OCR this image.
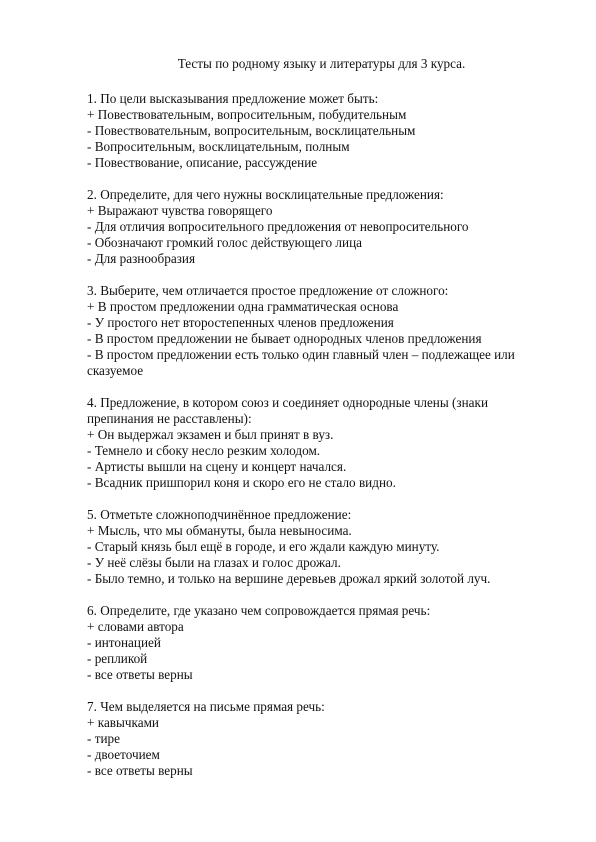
Тесты по родному языку и литературы для 3 курса.
1. По цели высказывания предложение может быть:
+ Повествовательным, вопросительным, побудительным
- Повествовательным, вопросительным, восклицательным
- Вопросительным, восклицательным, полным
- Повествование, описание, рассуждение
2. Определите, для чего нужны восклицательные предложения:
+ Выражают чувства говорящего
- Для отличия вопросительного предложения от невопросительного
- Обозначают громкий голос действующего лица
- Для разнообразия
3. Выберите, чем отличается простое предложение от сложного:
+ В простом предложении одна грамматическая основа
- У простого нет второстепенных членов предложения
- В простом предложении не бывает однородных членов предложения
- В простом предложении есть только один главный член – подлежащее или сказуемое
4. Предложение, в котором союз и соединяет однородные члены (знаки препинания не расставлены):
+ Он выдержал экзамен и был принят в вуз.
- Темнело и сбоку несло резким холодом.
- Артисты вышли на сцену и концерт начался.
- Всадник пришпорил коня и скоро его не стало видно.
5. Отметьте сложноподчинённое предложение:
+ Мысль, что мы обмануты, была невыносима.
- Старый князь был ещё в городе, и его ждали каждую минуту.
- У неё слёзы были на глазах и голос дрожал.
- Было темно, и только на вершине деревьев дрожал яркий золотой луч.
6. Определите, где указано чем сопровождается прямая речь:
+ словами автора
- интонацией
- репликой
- все ответы верны
7. Чем выделяется на письме прямая речь:
+ кавычками
- тире
- двоеточием
- все ответы верны
